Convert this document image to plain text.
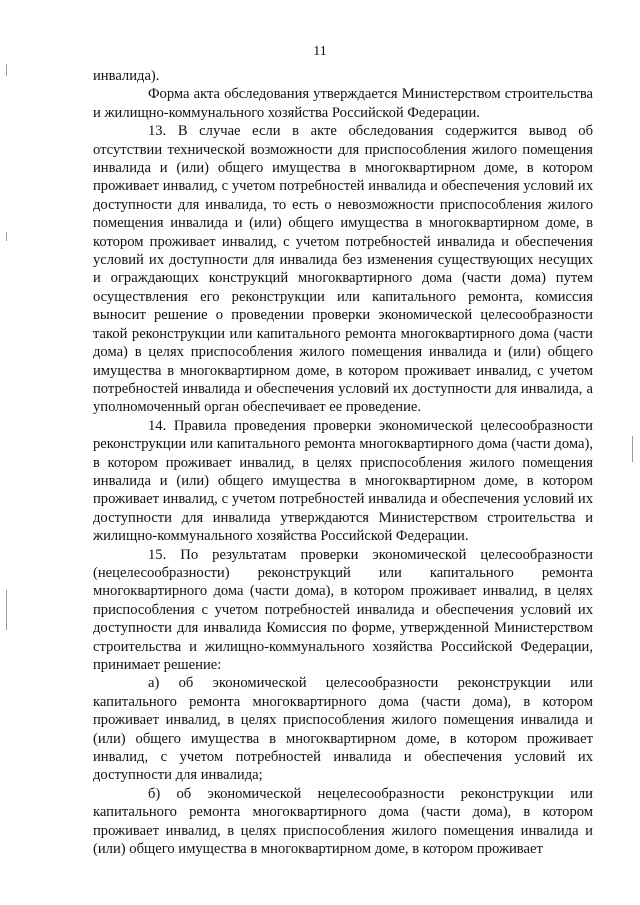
11

инвалида).

Форма акта обследования утверждается Министерством строительства и жилищно-коммунального хозяйства Российской Федерации.

13. В случае если в акте обследования содержится вывод об отсутствии технической возможности для приспособления жилого помещения инвалида и (или) общего имущества в многоквартирном доме, в котором проживает инвалид, с учетом потребностей инвалида и обеспечения условий их доступности для инвалида, то есть о невозможности приспособления жилого помещения инвалида и (или) общего имущества в многоквартирном доме, в котором проживает инвалид, с учетом потребностей инвалида и обеспечения условий их доступности для инвалида без изменения существующих несущих и ограждающих конструкций многоквартирного дома (части дома) путем осуществления его реконструкции или капитального ремонта, комиссия выносит решение о проведении проверки экономической целесообразности такой реконструкции или капитального ремонта многоквартирного дома (части дома) в целях приспособления жилого помещения инвалида и (или) общего имущества в многоквартирном доме, в котором проживает инвалид, с учетом потребностей инвалида и обеспечения условий их доступности для инвалида, а уполномоченный орган обеспечивает ее проведение.

14. Правила проведения проверки экономической целесообразности реконструкции или капитального ремонта многоквартирного дома (части дома), в котором проживает инвалид, в целях приспособления жилого помещения инвалида и (или) общего имущества в многоквартирном доме, в котором проживает инвалид, с учетом потребностей инвалида и обеспечения условий их доступности для инвалида утверждаются Министерством строительства и жилищно-коммунального хозяйства Российской Федерации.

15. По результатам проверки экономической целесообразности (нецелесообразности) реконструкций или капитального ремонта многоквартирного дома (части дома), в котором проживает инвалид, в целях приспособления с учетом потребностей инвалида и обеспечения условий их доступности для инвалида Комиссия по форме, утвержденной Министерством строительства и жилищно-коммунального хозяйства Российской Федерации, принимает решение:

а) об экономической целесообразности реконструкции или капитального ремонта многоквартирного дома (части дома), в котором проживает инвалид, в целях приспособления жилого помещения инвалида и (или) общего имущества в многоквартирном доме, в котором проживает инвалид, с учетом потребностей инвалида и обеспечения условий их доступности для инвалида;

б) об экономической нецелесообразности реконструкции или капитального ремонта многоквартирного дома (части дома), в котором проживает инвалид, в целях приспособления жилого помещения инвалида и (или) общего имущества в многоквартирном доме, в котором проживает
